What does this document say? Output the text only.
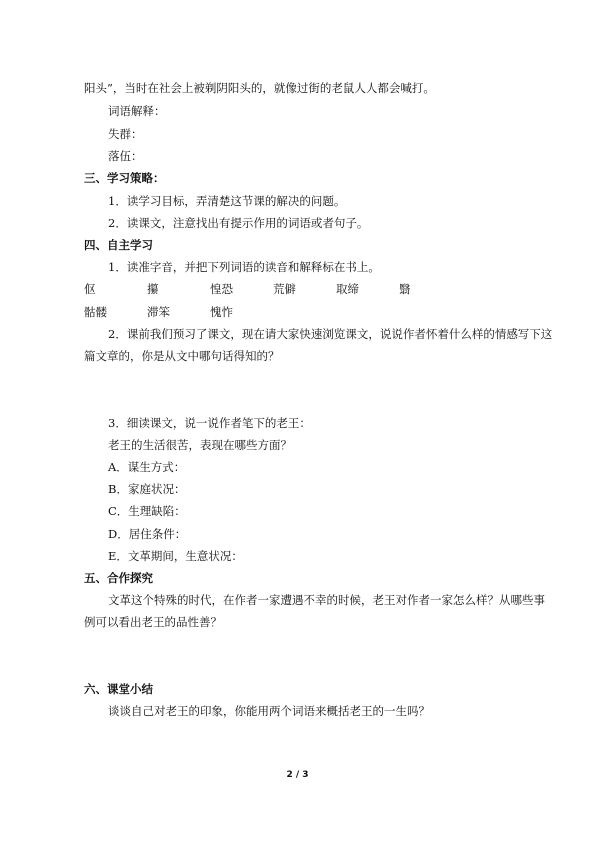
阳头”，当时在社会上被剃阴阳头的，就像过街的老鼠人人都会喊打。
词语解释：
失群：
落伍：
三、学习策略：
1．读学习目标，弄清楚这节课的解决的问题。
2．读课文，注意找出有提示作用的词语或者句子。
四、自主学习
1．读准字音，并把下列词语的读音和解释标在书上。
伛	攥	惶恐	荒僻	取缔	翳
骷髅	滞笨	愧怍
2．课前我们预习了课文，现在请大家快速浏览课文，说说作者怀着什么样的情感写下这
篇文章的，你是从文中哪句话得知的？
3．细读课文，说一说作者笔下的老王：
老王的生活很苦，表现在哪些方面？
A．谋生方式：
B．家庭状况：
C．生理缺陷：
D．居住条件：
E．文革期间，生意状况：
五、合作探究
文革这个特殊的时代，在作者一家遭遇不幸的时候，老王对作者一家怎么样？从哪些事
例可以看出老王的品性善？
六、课堂小结
谈谈自己对老王的印象，你能用两个词语来概括老王的一生吗？
2 / 3
